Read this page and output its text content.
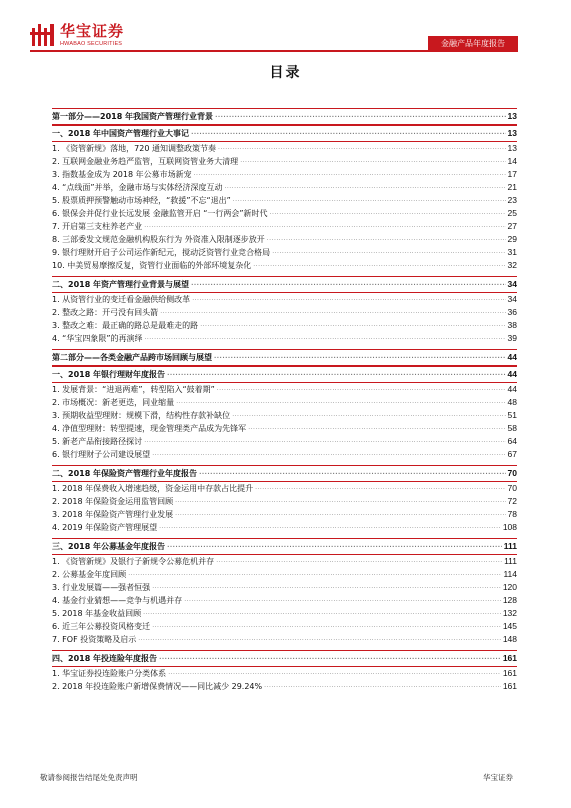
华宝证券
HWABAO SECURITIES	金融产品年度报告
目录
第一部分——2018 年我国资产管理行业背景 .....	13
一、2018 年中国资产管理行业大事记 .....	13
1. 《资管新规》落地，720 通知调整政策节奏 .....	13
2. 互联网金融业务趋严监管，互联网资管业务大清理 .....	14
3. 指数基金成为 2018 年公募市场新宠 .....	17
4. “点线面”并举，金融市场与实体经济深度互动 .....	21
5. 股票质押预警触动市场神经，“救援”不忘“退出” .....	23
6. 银保会并促行业长远发展 金融监管开启 “一行两会”新时代 .....	25
7. 开启第三支柱养老产业 .....	27
8. 三部委发文规范金融机构股东行为 外资准入限制逐步放开 .....	29
9. 银行理财开启子公司运作新纪元，搅动泛资管行业竞合格局 .....	31
10. 中美贸易摩擦反复，资管行业面临的外部环境复杂化 .....	32
二、2018 年资产管理行业背景与展望 .....	34
1. 从资管行业的变迁看金融供给侧改革 .....	34
2. 整改之路：开弓没有回头箭 .....	36
3. 整改之难：最正确的路总是最难走的路 .....	38
4. “华宝四象限”的再演绎 .....	39
第二部分——各类金融产品跨市场回顾与展望 .....	44
一、2018 年银行理财年度报告 .....	44
1. 发展背景：“进退两难”，转型陷入“鼓着期” .....	44
2. 市场概况：新老更迭，同业缩量 .....	48
3. 预期收益型理财：规模下滑，结构性存款补缺位 .....	51
4. 净值型理财：转型提速，现金管理类产品成为先锋军 .....	58
5. 新老产品衔接路径探讨 .....	64
6. 银行理财子公司建设展望 .....	67
二、2018 年保险资产管理行业年度报告 .....	70
1. 2018 年保费收入增速趋缓，资金运用中存款占比提升 .....	70
2. 2018 年保险资金运用监管回顾 .....	72
3. 2018 年保险资产管理行业发展 .....	78
4. 2019 年保险资产管理展望 .....	108
三、2018 年公募基金年度报告 .....	111
1. 《资管新规》及银行子新规令公募危机并存 .....	111
2. 公募基金年度回顾 .....	114
3. 行业发展篇——强者恒强 .....	120
4. 基金行业猜想——竞争与机遇并存 .....	128
5. 2018 年基金收益回顾 .....	132
6. 近三年公募投资风格变迁 .....	145
7. FOF 投资策略及启示 .....	148
四、2018 年投连险年度报告 .....	161
1. 华宝证券投连险账户分类体系 .....	161
2. 2018 年投连险账户新增保费情况——同比减少 29.24% .....	161
敬请参阅报告结尾处免责声明	华宝证券
